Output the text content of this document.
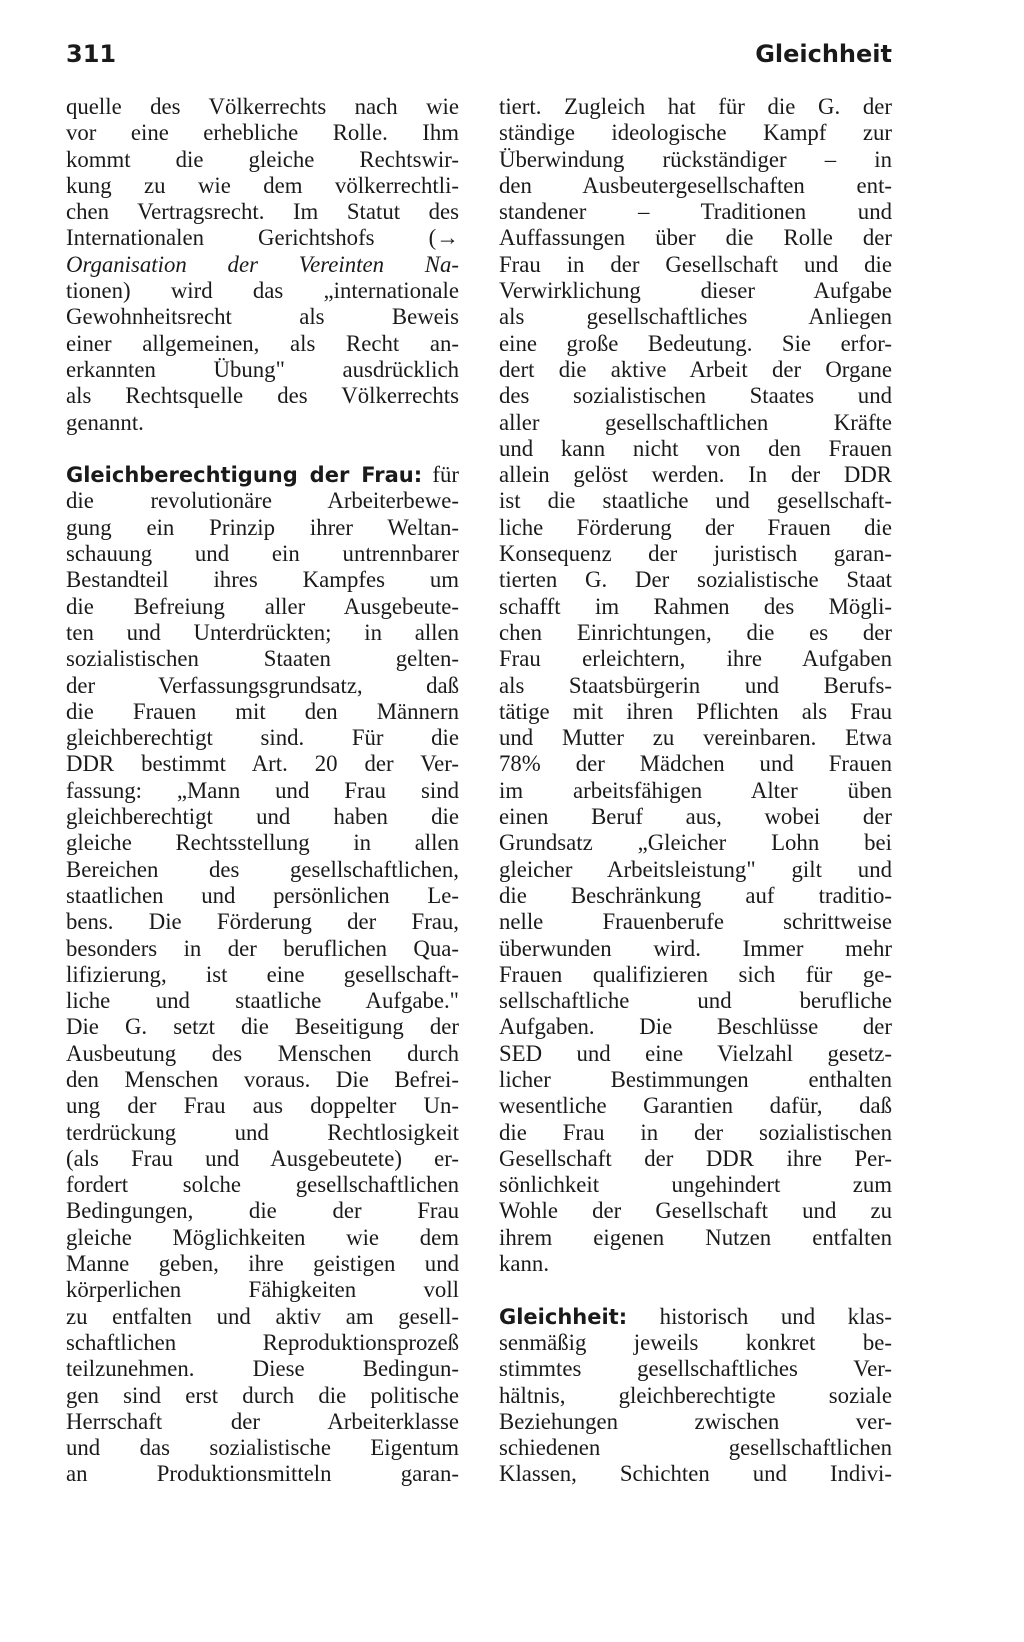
311	Gleichheit
quelle des Völkerrechts nach wie
vor eine erhebliche Rolle. Ihm
kommt die gleiche Rechtswir-
kung zu wie dem völkerrechtli-
chen Vertragsrecht. Im Statut des
Internationalen Gerichtshofs (→
Organisation der Vereinten Na-
tionen) wird das „internationale
Gewohnheitsrecht als Beweis
einer allgemeinen, als Recht an-
erkannten Übung" ausdrücklich
als Rechtsquelle des Völkerrechts
genannt.
Gleichberechtigung der Frau: für
die revolutionäre Arbeiterbewe-
gung ein Prinzip ihrer Weltan-
schauung und ein untrennbarer
Bestandteil ihres Kampfes um
die Befreiung aller Ausgebeute-
ten und Unterdrückten; in allen
sozialistischen Staaten gelten-
der Verfassungsgrundsatz, daß
die Frauen mit den Männern
gleichberechtigt sind. Für die
DDR bestimmt Art. 20 der Ver-
fassung: „Mann und Frau sind
gleichberechtigt und haben die
gleiche Rechtsstellung in allen
Bereichen des gesellschaftlichen,
staatlichen und persönlichen Le-
bens. Die Förderung der Frau,
besonders in der beruflichen Qua-
lifizierung, ist eine gesellschaft-
liche und staatliche Aufgabe."
Die G. setzt die Beseitigung der
Ausbeutung des Menschen durch
den Menschen voraus. Die Befrei-
ung der Frau aus doppelter Un-
terdrückung und Rechtlosigkeit
(als Frau und Ausgebeutete) er-
fordert solche gesellschaftlichen
Bedingungen, die der Frau
gleiche Möglichkeiten wie dem
Manne geben, ihre geistigen und
körperlichen Fähigkeiten voll
zu entfalten und aktiv am gesell-
schaftlichen Reproduktionsprozeß
teilzunehmen. Diese Bedingun-
gen sind erst durch die politische
Herrschaft der Arbeiterklasse
und das sozialistische Eigentum
an Produktionsmitteln garan-
tiert. Zugleich hat für die G. der
ständige ideologische Kampf zur
Überwindung rückständiger – in
den Ausbeutergesellschaften ent-
standener – Traditionen und
Auffassungen über die Rolle der
Frau in der Gesellschaft und die
Verwirklichung dieser Aufgabe
als gesellschaftliches Anliegen
eine große Bedeutung. Sie erfor-
dert die aktive Arbeit der Organe
des sozialistischen Staates und
aller gesellschaftlichen Kräfte
und kann nicht von den Frauen
allein gelöst werden. In der DDR
ist die staatliche und gesellschaft-
liche Förderung der Frauen die
Konsequenz der juristisch garan-
tierten G. Der sozialistische Staat
schafft im Rahmen des Mögli-
chen Einrichtungen, die es der
Frau erleichtern, ihre Aufgaben
als Staatsbürgerin und Berufs-
tätige mit ihren Pflichten als Frau
und Mutter zu vereinbaren. Etwa
78% der Mädchen und Frauen
im arbeitsfähigen Alter üben
einen Beruf aus, wobei der
Grundsatz „Gleicher Lohn bei
gleicher Arbeitsleistung" gilt und
die Beschränkung auf traditio-
nelle Frauenberufe schrittweise
überwunden wird. Immer mehr
Frauen qualifizieren sich für ge-
sellschaftliche und berufliche
Aufgaben. Die Beschlüsse der
SED und eine Vielzahl gesetz-
licher Bestimmungen enthalten
wesentliche Garantien dafür, daß
die Frau in der sozialistischen
Gesellschaft der DDR ihre Per-
sönlichkeit ungehindert zum
Wohle der Gesellschaft und zu
ihrem eigenen Nutzen entfalten
kann.
Gleichheit: historisch und klas-
senmäßig jeweils konkret be-
stimmtes gesellschaftliches Ver-
hältnis, gleichberechtigte soziale
Beziehungen zwischen ver-
schiedenen gesellschaftlichen
Klassen, Schichten und Indivi-
